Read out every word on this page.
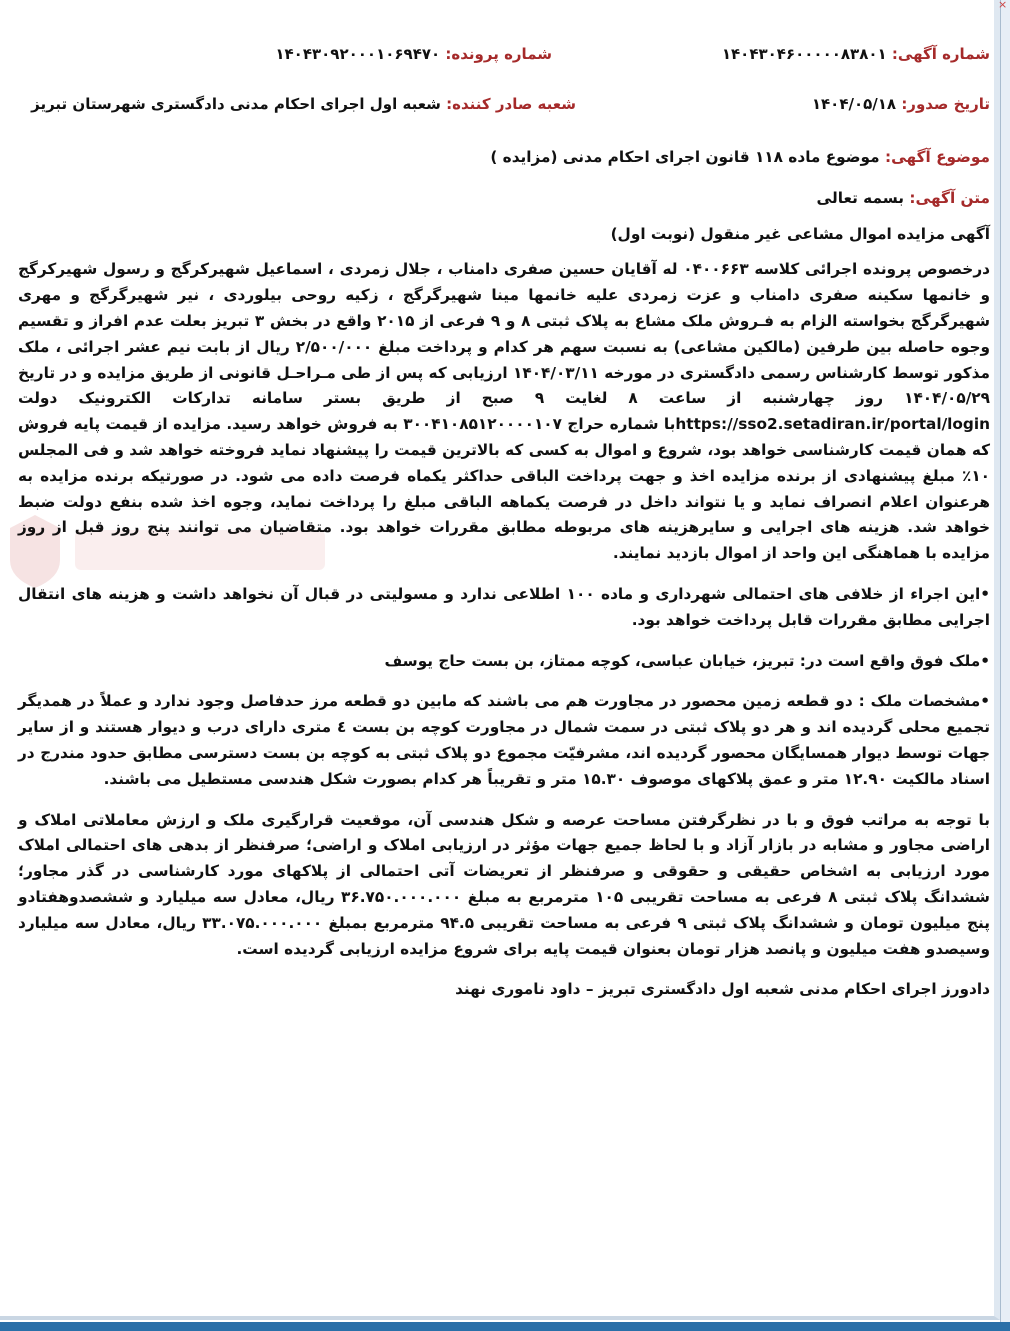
×
شماره آگهی: ۱۴۰۴۳۰۴۶۰۰۰۰۰۸۳۸۰۱
شماره پرونده: ۱۴۰۴۳۰۹۲۰۰۰۱۰۶۹۴۷۰
تاریخ صدور: ۱۴۰۴/۰۵/۱۸
شعبه صادر کننده: شعبه اول اجرای احکام مدنی دادگستری شهرستان تبریز

موضوع آگهی: موضوع ماده ۱۱۸ قانون اجرای احکام مدنی (مزایده )

متن آگهی: بسمه تعالی

آگهی مزایده اموال مشاعی غیر منقول (نوبت اول)

درخصوص پرونده اجرائی کلاسه ۰۴۰۰۶۶۳ له آقایان حسین صفری دامناب ، جلال زمردی ، اسماعیل شهیرکرگج و رسول شهیرکرگج و خانمها سکینه صفری دامناب و عزت زمردی علیه خانمها مینا شهیرگرگج ، زکیه روحی بیلوردی ، نیر شهیرگرگج و مهری شهیرگرگج بخواسته الزام به فـروش ملک مشاع به پلاک ثبتی ۸ و ۹ فرعی از ۲۰۱۵ واقع در بخش ۳ تبریز بعلت عدم افراز و تقسیم وجوه حاصله بین طرفین (مالکین مشاعی) به نسبت سهم هر کدام و پرداخت مبلغ ۲/۵۰۰/۰۰۰ ریال از بابت نیم عشر اجرائی ، ملک مذکور توسط کارشناس رسمی دادگستری در مورخه ۱۴۰۴/۰۳/۱۱ ارزیابی که پس از طی مـراحـل قانونی از طریق مزایده و در تاریخ ۱۴۰۴/۰۵/۲۹ روز چهارشنبه از ساعت ۸ لغایت ۹ صبح از طریق بستر سامانه تدارکات الکترونیک دولت https://sso2.setadiran.ir/portal/loginبا شماره حراج ۳۰۰۴۱۰۸۵۱۲۰۰۰۰۱۰۷ به فروش خواهد رسید. مزایده از قیمت پایه فروش که همان قیمت کارشناسی خواهد بود، شروع و اموال به کسی که بالاترین قیمت را پیشنهاد نماید فروخته خواهد شد و فی المجلس ۱۰٪ مبلغ پیشنهادی از برنده مزایده اخذ و جهت پرداخت الباقی حداکثر یکماه فرصت داده می شود. در صورتیکه برنده مزایده به هرعنوان اعلام انصراف نماید و یا نتواند داخل در فرصت یکماهه الباقی مبلغ را پرداخت نماید، وجوه اخذ شده بنفع دولت ضبط خواهد شد. هزینه های اجرایی و سایرهزینه های مربوطه مطابق مقررات خواهد بود. متقاضیان می توانند پنج روز قبل از روز مزایده با هماهنگی این واحد از اموال بازدید نمایند.

•این اجراء از خلافی های احتمالی شهرداری و ماده ۱۰۰ اطلاعی ندارد و مسولیتی در قبال آن نخواهد داشت و هزینه های انتقال اجرایی مطابق مقررات قابل پرداخت خواهد بود.

•ملک فوق واقع است در: تبریز، خیابان عباسی، کوچه ممتاز، بن بست حاج یوسف

•مشخصات ملک : دو قطعه زمین محصور در مجاورت هم می باشند که مابین دو قطعه مرز حدفاصل وجود ندارد و عملاً در همدیگر تجمیع محلی گردیده اند و هر دو پلاک ثبتی در سمت شمال در مجاورت کوچه بن بست ٤ متری دارای درب و دیوار هستند و از سایر جهات توسط دیوار همسایگان محصور گردیده اند، مشرفیّت مجموع دو پلاک ثبتی به کوچه بن بست دسترسی مطابق حدود مندرج در اسناد مالکیت ۱۲.۹۰ متر و عمق پلاکهای موصوف ۱۵.۳۰ متر و تقریباً هر کدام بصورت شکل هندسی مستطیل می باشند.

با توجه به مراتب فوق و با در نظرگرفتن مساحت عرصه و شکل هندسی آن، موقعیت قرارگیری ملک و ارزش معاملاتی املاک و اراضی مجاور و مشابه در بازار آزاد و با لحاظ جمیع جهات مؤثر در ارزیابی املاک و اراضی؛ صرفنظر از بدهی های احتمالی املاک مورد ارزیابی به اشخاص حقیقی و حقوقی و صرفنظر از تعریضات آتی احتمالی از پلاکهای مورد کارشناسی در گذر مجاور؛ ششدانگ پلاک ثبتی ۸ فرعی به مساحت تقریبی ۱۰۵ مترمربع به مبلغ ۳۶.۷۵۰.۰۰۰.۰۰۰ ریال، معادل سه میلیارد و ششصدوهفتادو پنج میلیون تومان و ششدانگ پلاک ثبتی ۹ فرعی به مساحت تقریبی ۹۴.۵ مترمربع بمبلغ ۳۳.۰۷۵.۰۰۰.۰۰۰ ریال، معادل سه میلیارد وسیصدو هفت میلیون و پانصد هزار تومان بعنوان قیمت پایه برای شروع مزایده ارزیابی گردیده است.

دادورز اجرای احکام مدنی شعبه اول دادگستری تبریز – داود ناموری نهند
